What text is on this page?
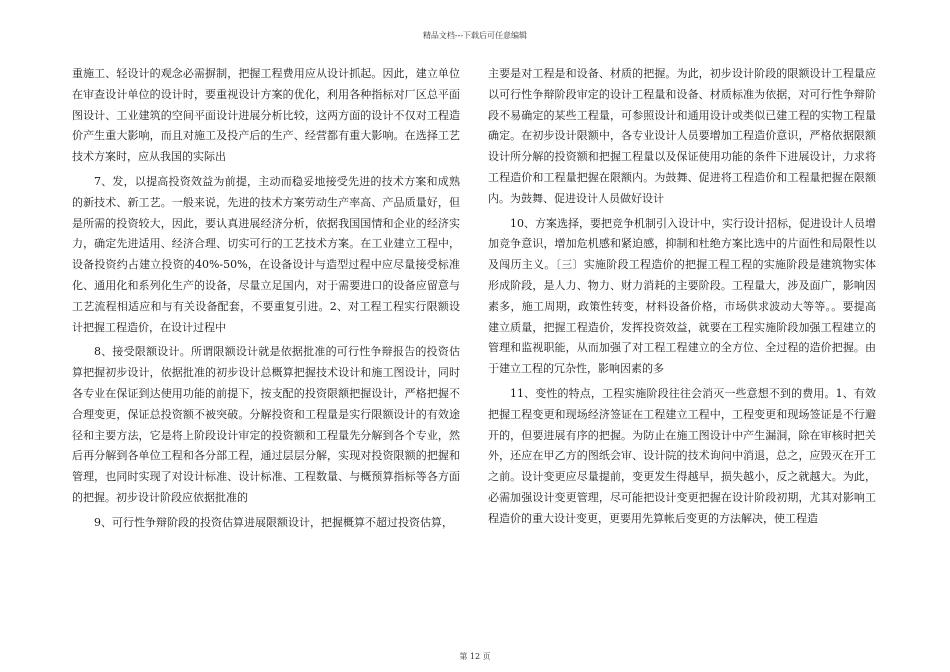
精品文档---下载后可任意编辑

重施工、轻设计的观念必需摒制，把握工程费用应从设计抓起。因此，建立单位在审查设计单位的设计时，要重视设计方案的优化，利用各种指标对厂区总平面图设计、工业建筑的空间平面设计进展分析比较，这两方面的设计不仅对工程造价产生重大影响，而且对施工及投产后的生产、经营都有重大影响。在选择工艺技术方案时，应从我国的实际出

7、发，以提高投资效益为前提，主动而稳妥地接受先进的技术方案和成熟的新技术、新工艺。一般来说，先进的技术方案劳动生产率高、产品质量好，但是所需的投资较大，因此，要认真进展经济分析，依据我国国情和企业的经济实力，确定先进适用、经济合理、切实可行的工艺技术方案。在工业建立工程中，设备投资约占建立投资的40%-50%，在设备设计与造型过程中应尽量接受标准化、通用化和系列化生产的设备，尽量立足国内，对于需要进口的设备应留意与工艺流程相适应和与有关设备配套，不要重复引进。2、对工程工程实行限额设计把握工程造价，在设计过程中

8、接受限额设计。所谓限额设计就是依据批准的可行性争辩报告的投资估算把握初步设计，依据批准的初步设计总概算把握技术设计和施工图设计，同时各专业在保证到达使用功能的前提下，按支配的投资限额把握设计，严格把握不合理变更，保证总投资额不被突破。分解投资和工程量是实行限额设计的有效途径和主要方法，它是将上阶段设计审定的投资额和工程量先分解到各个专业，然后再分解到各单位工程和各分部工程，通过层层分解，实现对投资限额的把握和管理，也同时实现了对设计标准、设计标准、工程数量、与概预算指标等各方面的把握。初步设计阶段应依据批准的

9、可行性争辩阶段的投资估算进展限额设计，把握概算不超过投资估算，

主要是对工程是和设备、材质的把握。为此，初步设计阶段的限额设计工程量应以可行性争辩阶段审定的设计工程量和设备、材质标准为依据，对可行性争辩阶段不易确定的某些工程量，可参照设计和通用设计或类似已建工程的实物工程量确定。在初步设计限额中，各专业设计人员要增加工程造价意识，严格依据限额设计所分解的投资额和把握工程量以及保证使用功能的条件下进展设计，力求将工程造价和工程量把握在限额内。为鼓舞、促进将工程造价和工程量把握在限额内。为鼓舞、促进设计人员做好设计

10、方案选择，要把竞争机制引入设计中，实行设计招标，促进设计人员增加竞争意识，增加危机感和紧迫感，抑制和杜绝方案比选中的片面性和局限性以及闯历主义。〔三〕实施阶段工程造价的把握工程工程的实施阶段是建筑物实体形成阶段，是人力、物力、财力消耗的主要阶段。工程量大，涉及面广，影响因素多，施工周期，政策性转变，材料设备价格，市场供求波动大等等。。要提高建立质量，把握工程造价，发挥投资效益，就要在工程实施阶段加强工程建立的管理和监视职能，从而加强了对工程工程建立的全方位、全过程的造价把握。由于建立工程的冗杂性，影响因素的多

11、变性的特点，工程实施阶段往往会消灭一些意想不到的费用。1、有效把握工程变更和现场经济签证在工程建立工程中，工程变更和现场签证是不行避开的，但要进展有序的把握。为防止在施工图设计中产生漏洞，除在审核时把关外，还应在甲乙方的图纸会审、设计院的技术询问中消退，总之，应毁灭在开工之前。设计变更应尽量提前，变更发生得越早，损失越小，反之就越大。为此，必需加强设计变更管理，尽可能把设计变更把握在设计阶段初期，尤其对影响工程造价的重大设计变更，更要用先算帐后变更的方法解决，使工程造

第 12 页
